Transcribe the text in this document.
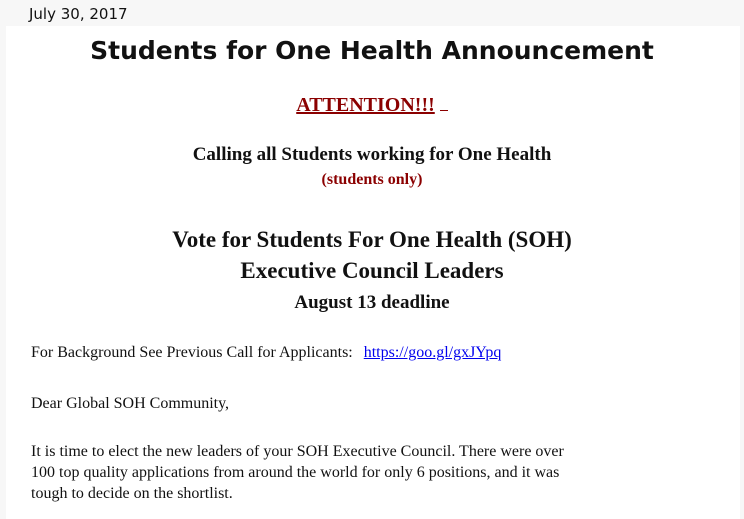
July 30, 2017
Students for One Health Announcement
ATTENTION!!!
Calling all Students working for One Health
(students only)
Vote for Students For One Health (SOH)
Executive Council Leaders
August 13 deadline
For Background See Previous Call for Applicants: https://goo.gl/gxJYpq
Dear Global SOH Community,
It is time to elect the new leaders of your SOH Executive Council. There were over
100 top quality applications from around the world for only 6 positions, and it was
tough to decide on the shortlist.
